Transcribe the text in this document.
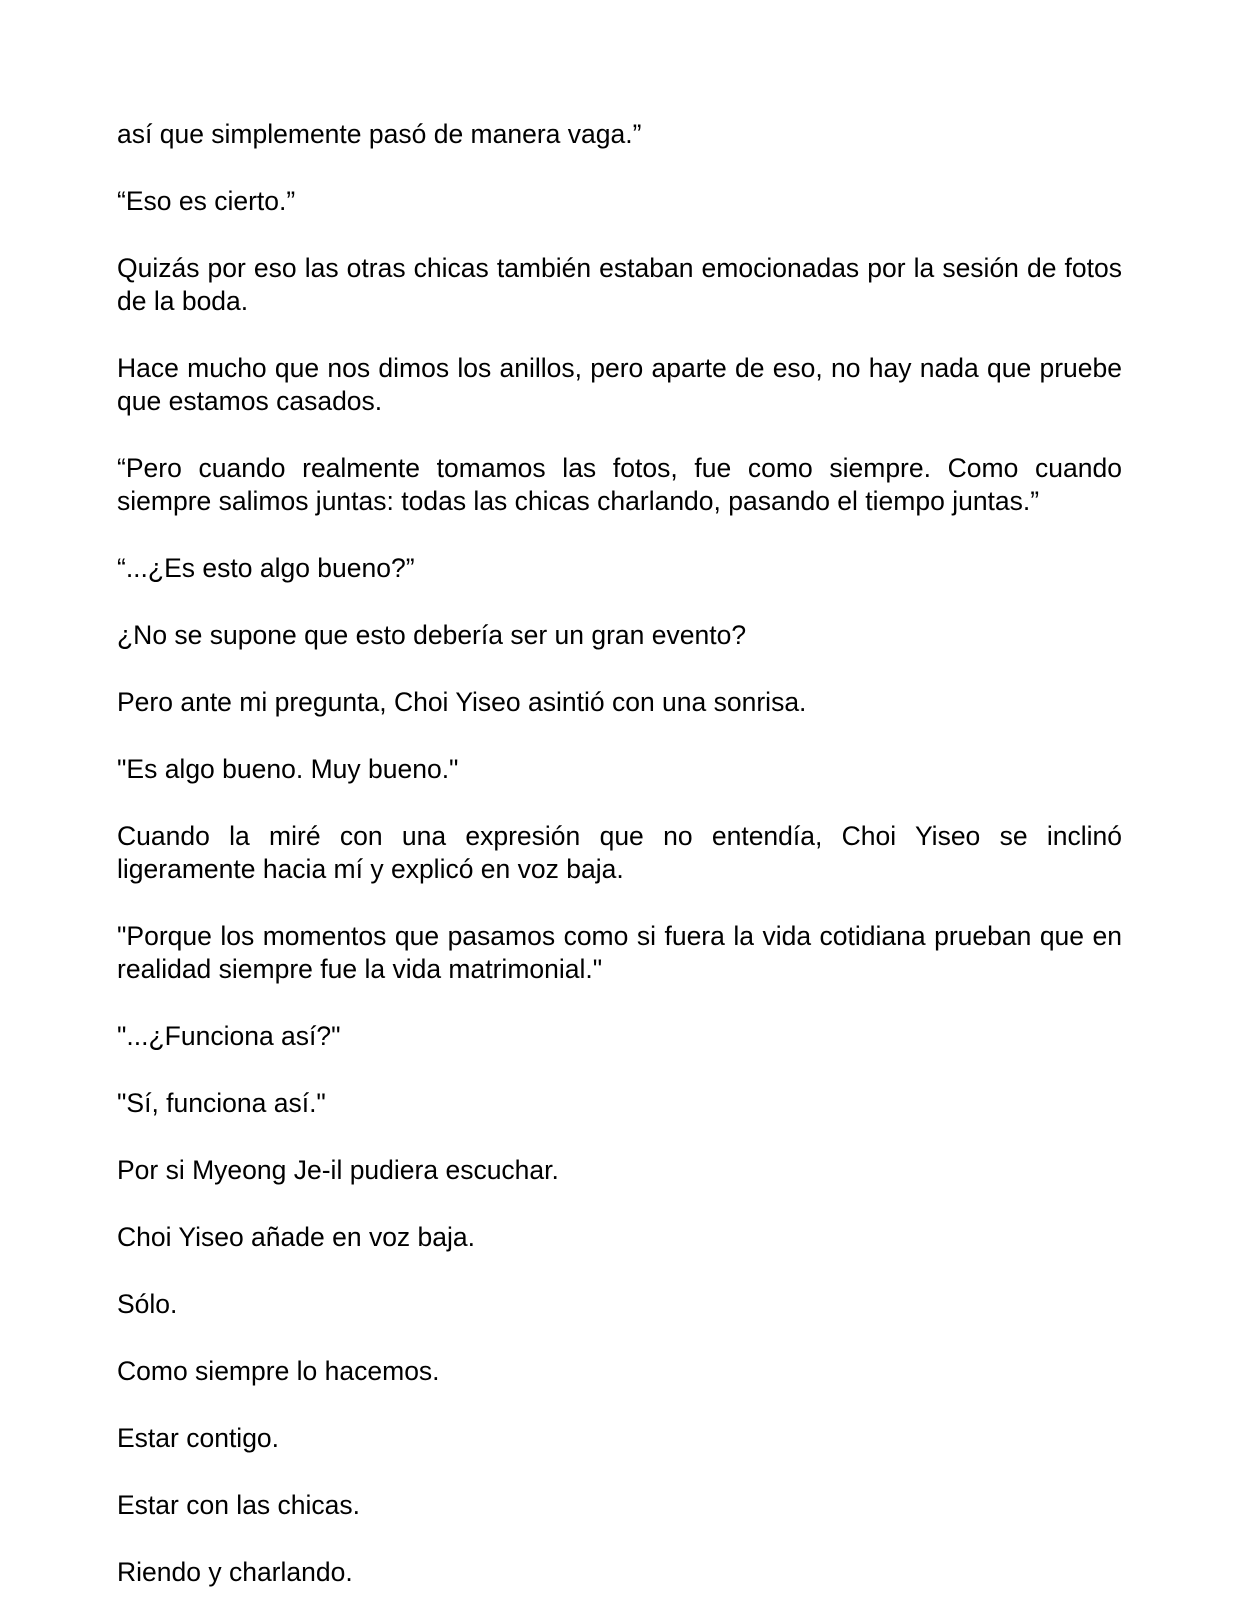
así que simplemente pasó de manera vaga.”

“Eso es cierto.”

Quizás por eso las otras chicas también estaban emocionadas por la sesión de fotos de la boda.

Hace mucho que nos dimos los anillos, pero aparte de eso, no hay nada que pruebe que estamos casados.

“Pero cuando realmente tomamos las fotos, fue como siempre. Como cuando siempre salimos juntas: todas las chicas charlando, pasando el tiempo juntas.”

“...¿Es esto algo bueno?”

¿No se supone que esto debería ser un gran evento?

Pero ante mi pregunta, Choi Yiseo asintió con una sonrisa.

"Es algo bueno. Muy bueno."

Cuando la miré con una expresión que no entendía, Choi Yiseo se inclinó ligeramente hacia mí y explicó en voz baja.

"Porque los momentos que pasamos como si fuera la vida cotidiana prueban que en realidad siempre fue la vida matrimonial."

"...¿Funciona así?"

"Sí, funciona así."

Por si Myeong Je-il pudiera escuchar.

Choi Yiseo añade en voz baja.

Sólo.

Como siempre lo hacemos.

Estar contigo.

Estar con las chicas.

Riendo y charlando.
